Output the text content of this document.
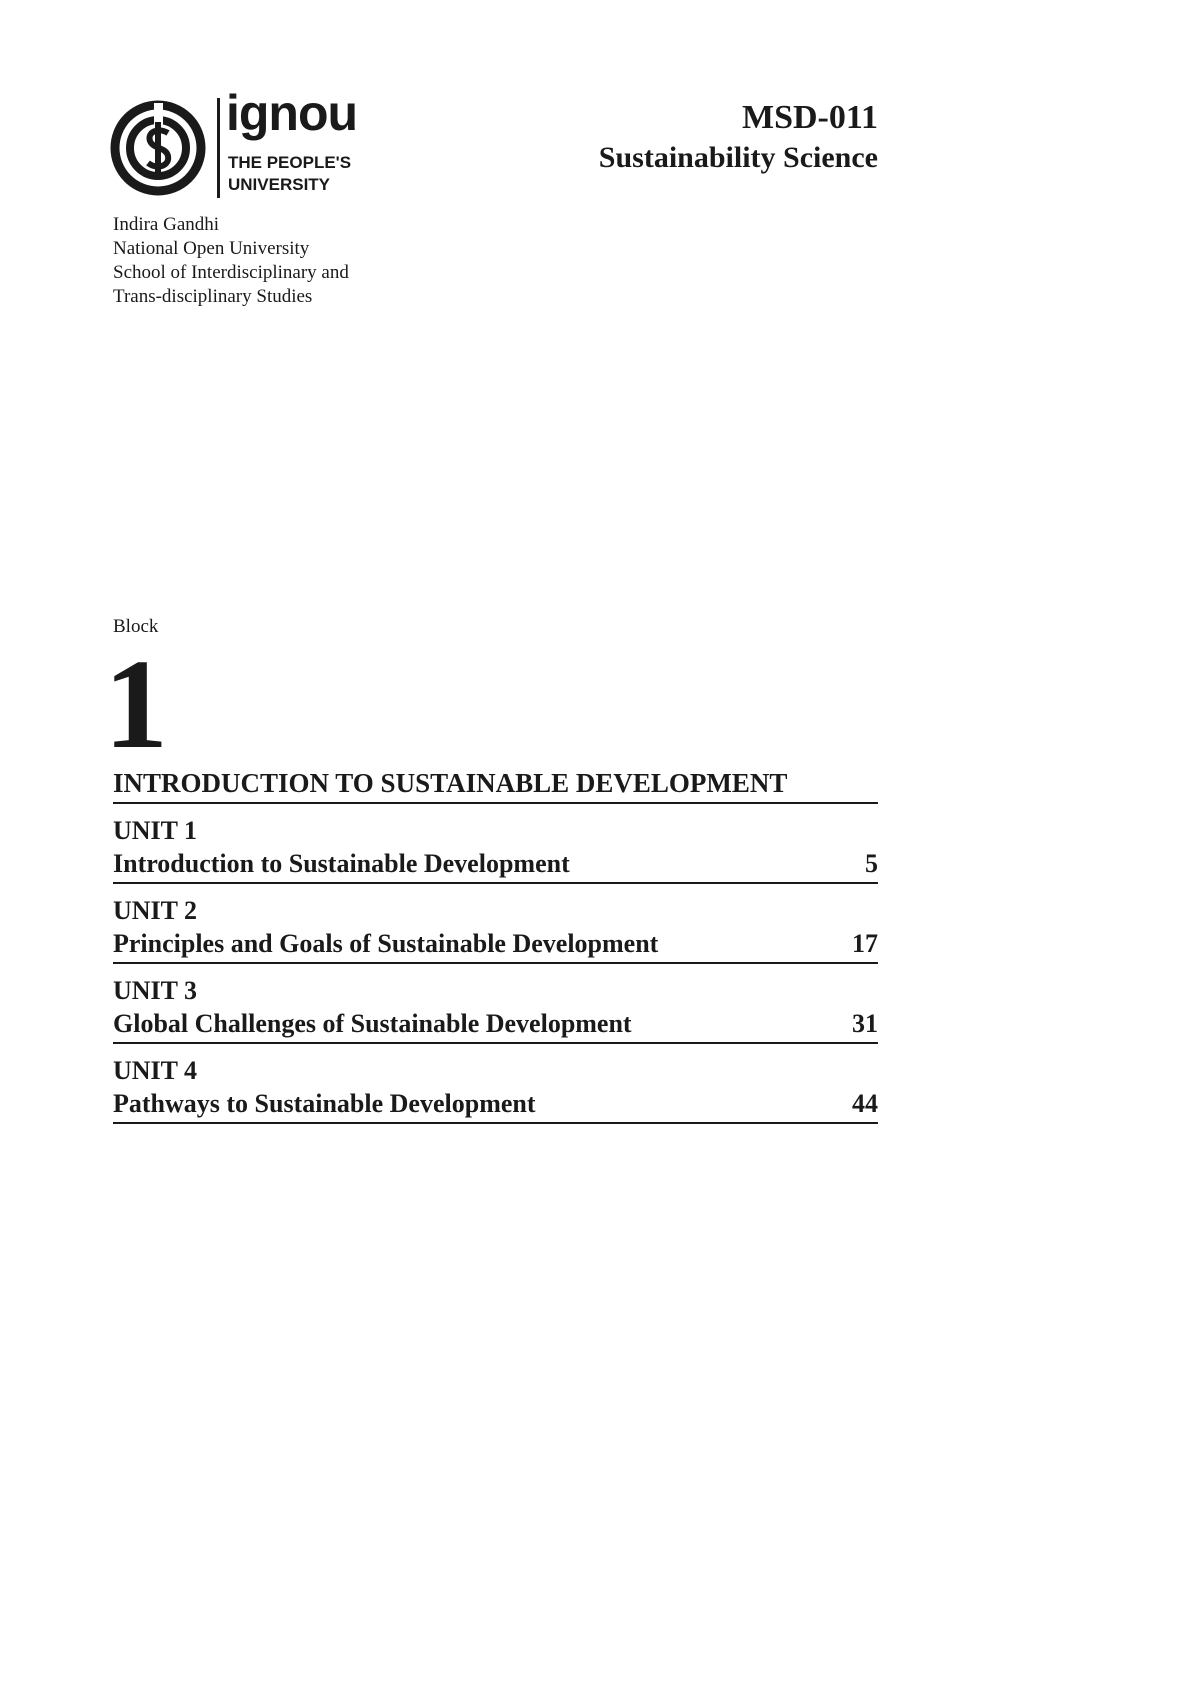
ignou
THE PEOPLE'S
UNIVERSITY
MSD-011
Sustainability Science
Indira Gandhi
National Open University
School of Interdisciplinary and
Trans-disciplinary Studies
Block
1
INTRODUCTION TO SUSTAINABLE DEVELOPMENT
UNIT 1
Introduction to Sustainable Development	5
UNIT 2
Principles and Goals of Sustainable Development	17
UNIT 3
Global Challenges of Sustainable Development	31
UNIT 4
Pathways to Sustainable Development	44
